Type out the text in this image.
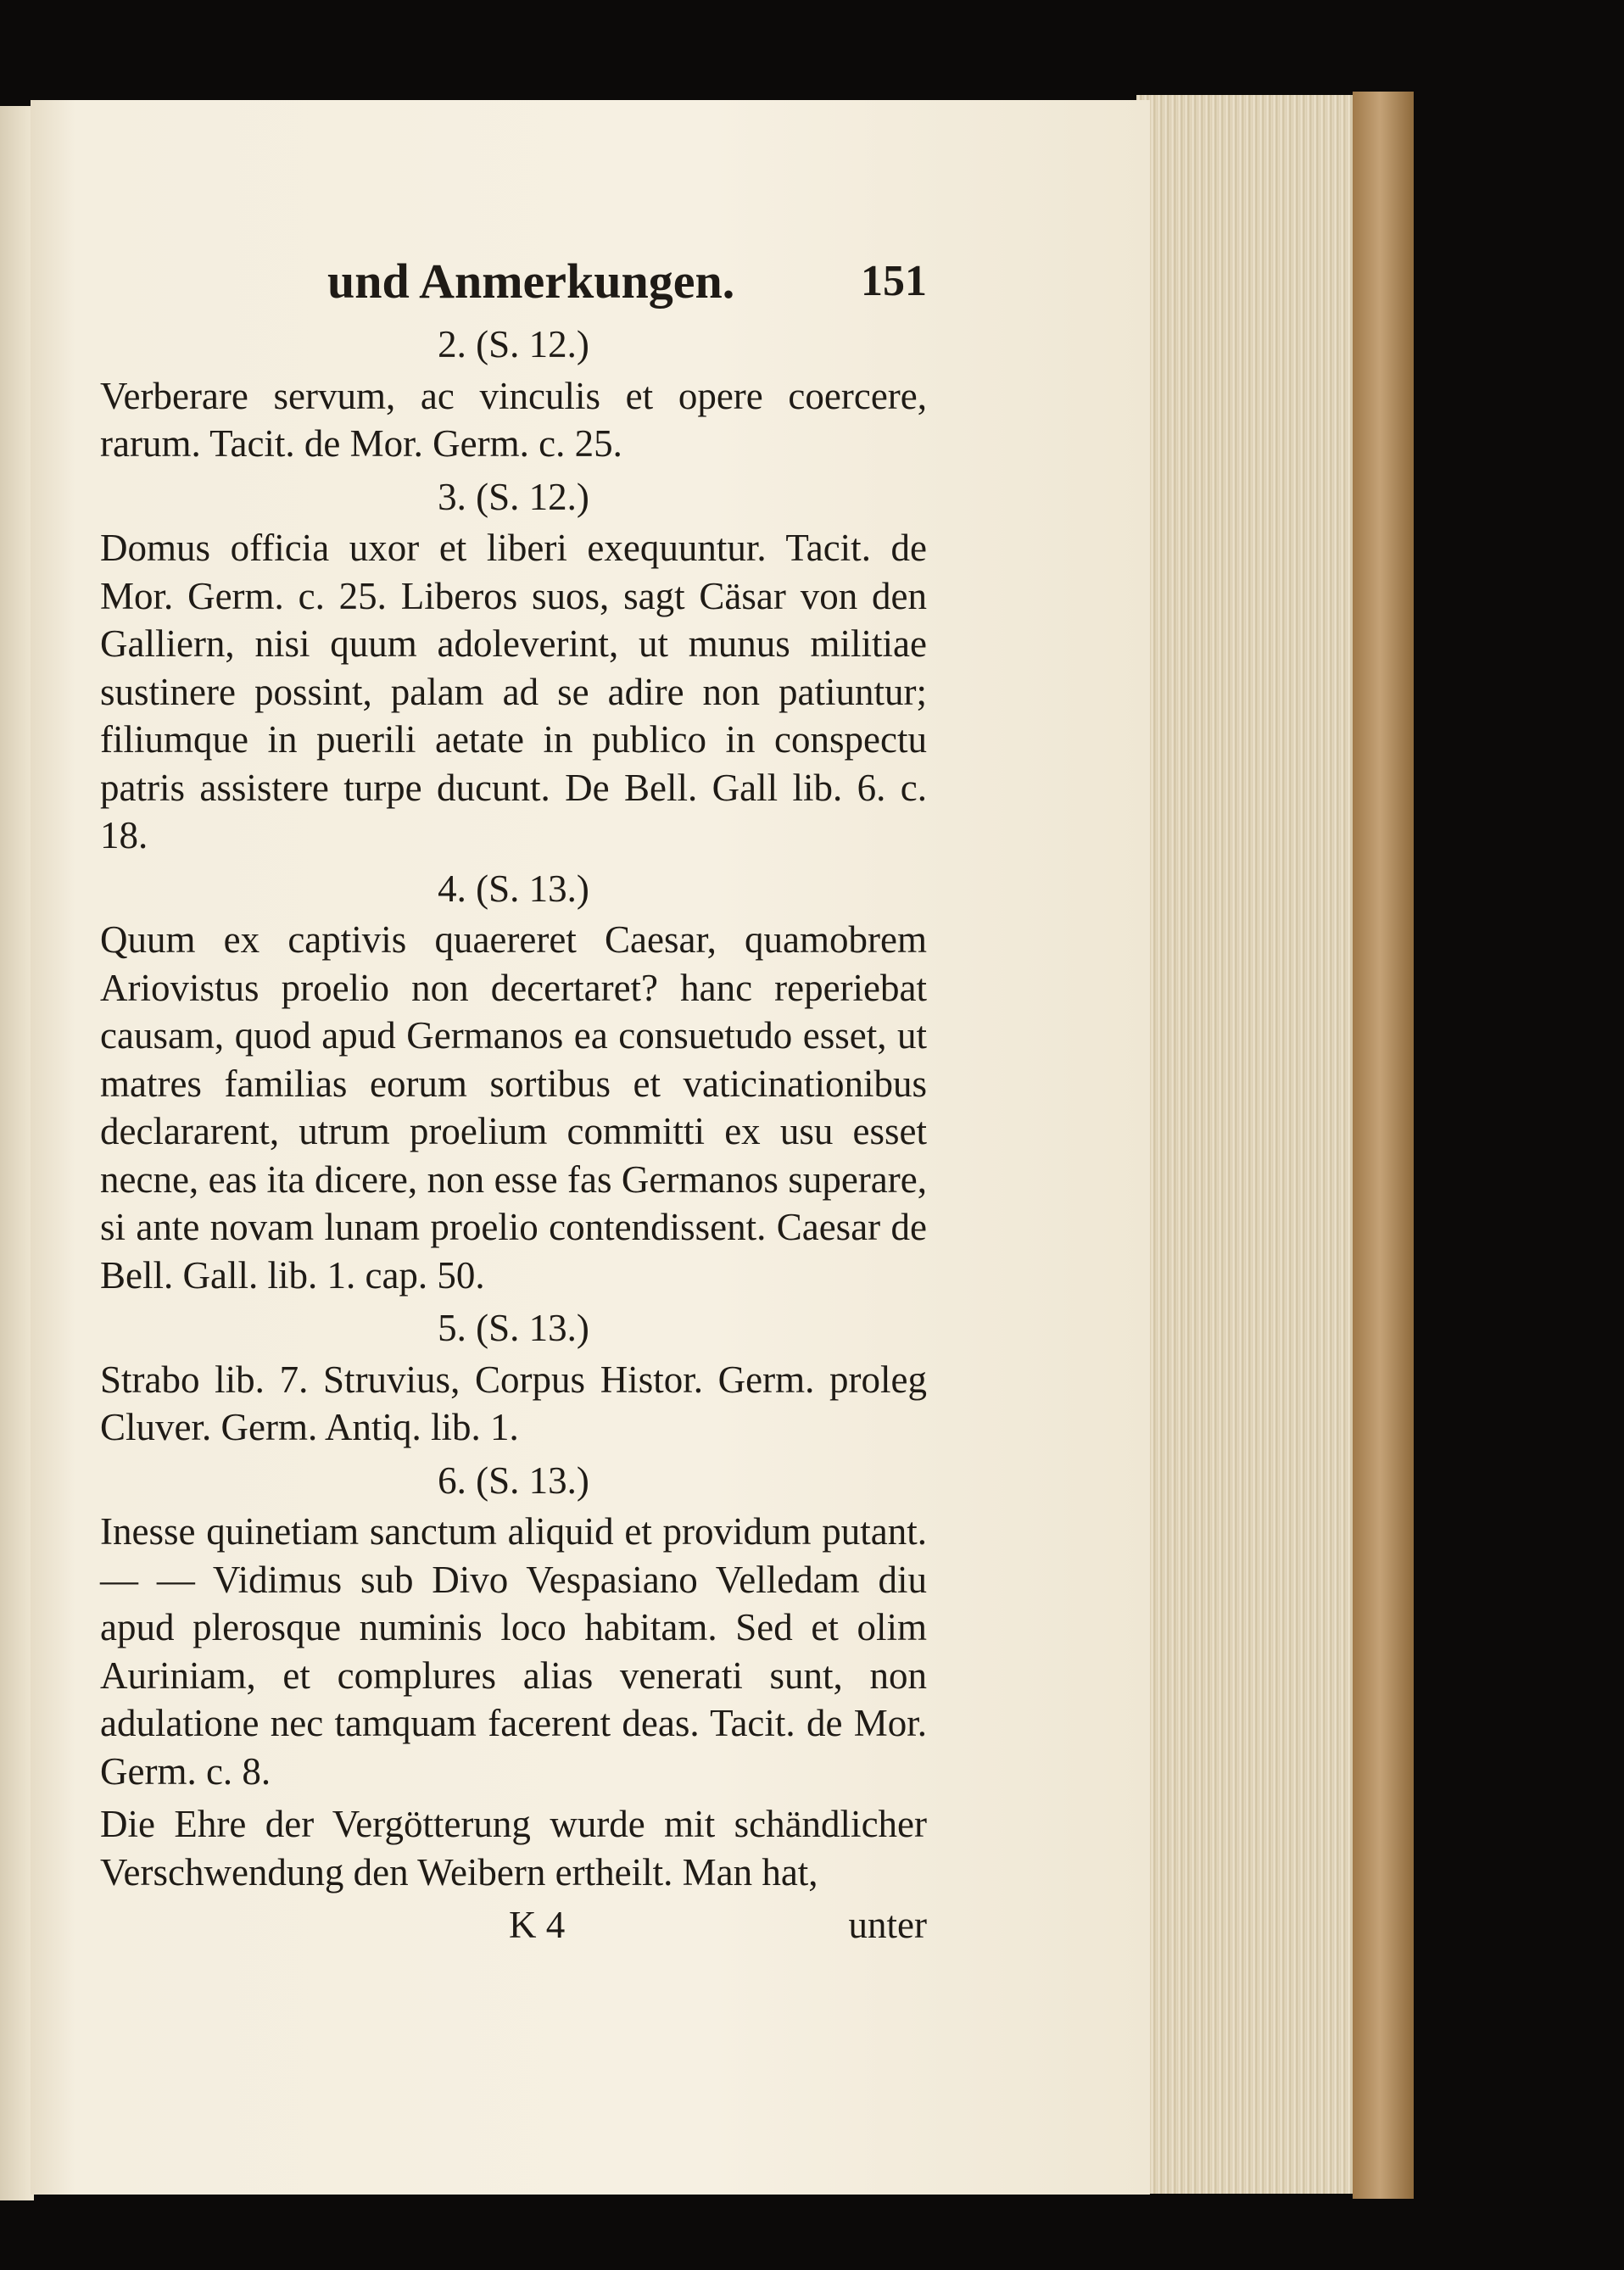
und Anmerkungen.	151
2. (S. 12.)

Verberare servum, ac vinculis et opere coercere, rarum. Tacit. de Mor. Germ. c. 25.

3. (S. 12.)

Domus officia uxor et liberi exequuntur. Tacit. de Mor. Germ. c. 25. Liberos suos, sagt Cäsar von den Galliern, nisi quum adoleverint, ut munus militiae sustinere possint, palam ad se adire non patiuntur; filiumque in puerili aetate in publico in conspectu patris assistere turpe ducunt. De Bell. Gall lib. 6. c. 18.

4. (S. 13.)

Quum ex captivis quaereret Caesar, quamobrem Ariovistus proelio non decertaret? hanc reperiebat causam, quod apud Germanos ea consuetudo esset, ut matres familias eorum sortibus et vaticinationibus declararent, utrum proelium committi ex usu esset necne, eas ita dicere, non esse fas Germanos superare, si ante novam lunam proelio contendissent. Caesar de Bell. Gall. lib. 1. cap. 50.

5. (S. 13.)

Strabo lib. 7. Struvius, Corpus Histor. Germ. proleg Cluver. Germ. Antiq. lib. 1.

6. (S. 13.)

Inesse quinetiam sanctum aliquid et providum putant. — — Vidimus sub Divo Vespasiano Velledam diu apud plerosque numinis loco habitam. Sed et olim Auriniam, et complures alias venerati sunt, non adulatione nec tamquam facerent deas. Tacit. de Mor. Germ. c. 8.

Die Ehre der Vergötterung wurde mit schändlicher Verschwendung den Weibern ertheilt. Man hat,

K 4	unter
